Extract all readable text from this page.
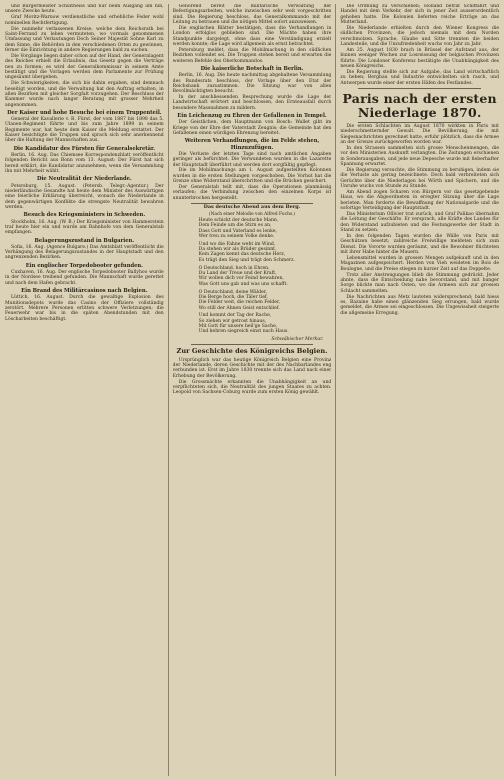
und Bürgermeister Schultheiss und nur beim Ausgang um hin, unsere Zwecke heute.

Graf Moritz-Warnow verdienstliche und erhebliche Feder wohl nominellen Rechtfertigung.

Die nunmehr verlassenen Kreise, welche dem Reichsrath bei Saint-Ferrand zu leben vermuteten, wo vormals genommenen Umfassung und Verlautungen Doch Seiner Majestät Sohne Karl zu dem Sinne, die Behörden in den verschiedenen Orten zu gewinnen, ferner die Einrichtung in andere Regierungen bald zu suchen.

Die Vorgänge liegen daher schon auf der Hand, der Generalagent des Reiches erhielt die Erlaubnis, das Gesetz gegen die Verträge neu zu formen; es wird der Generalkommissar in seinem Amte bestätigt und die Vorlagen werden dem Parlamente zur Prüfung ungesäumt übergeben.

Die Schwierigkeiten, die sich bis dahin ergaben, sind demnach beseitigt worden, und die Verwaltung hat den Auftrag erhalten, in allen Bezirken mit gleicher Sorgfalt vorzugehen. Der Beschluss der Kammer wurde nach langer Beratung mit grosser Mehrheit angenommen.

Der Kaiser und hohe Besuche bei einem Truppenteil.

General der Kavallerie v. B. Fürst, der vom 1887 bis 1898 das 5. Ulanen-Regiment führte und bis zum Jahre 1899 in seinem Regimente war, hat heute dem Kaiser die Meldung erstattet. Der Kaiser besichtigte die Truppen und sprach sich sehr anerkennend über die Haltung der Mannschaften aus.

Die Kandidatur des Fürsten für Generalsekretär.

Berlin, 16. Aug. Das Chiemsee Korrespondenzblatt veröffentlicht folgenden Bericht aus Bonn vom 13. August: Der Fürst hat sich bereit erklärt, die Kandidatur anzunehmen, wenn die Versammlung ihn mit Mehrheit wählt.

Die Neutralität der Niederlande.

Petersburg, 15. August. (Petersb. Telegr.-Agentur.) Der niederländische Gesandte hat heute dem Minister des Auswärtigen eine feierliche Erklärung überreicht, wonach die Niederlande in dem gegenwärtigen Konflikte die strengste Neutralität bewahren werden.

Besuch des Kriegsministers in Schweden.

Stockholm, 16. Aug. (W. B.) Der Kriegsminister von Hammerstein traf heute hier ein und wurde am Bahnhofe von dem Generalstab empfangen.

Belagerungszustand in Bulgarien.

Sofia, 16. Aug. (Agence Bulgare.) Das Amtsblatt veröffentlicht die Verhängung des Belagerungszustandes in der Hauptstadt und den angrenzenden Bezirken.

Ein englischer Torpedobooter gefunden.

Cuxhaven, 16. Aug. Der englische Torpedobooter Ballyhoo wurde in der Nordsee treibend gefunden. Die Mannschaft wurde gerettet und nach dem Hafen gebracht.

Ein Brand des Militärcasinos nach Belgien.

Lüttich, 16. August. Durch die gewaltige Explosion des Munitionsdepots wurde das Casino der Offiziere vollständig zerstört. Mehrere Personen erlitten schwere Verletzungen; die Feuerwehr war bis in die späten Abendstunden mit den Löscharbeiten beschäftigt.

Gehörend bereit die militärische Verwaltung der Befestigungsarbeiten, welche inzwischen sehr weit vorgeschritten sind. Die Regierung beschloss, das Generalkommando mit der Leitung zu betrauen und die nötigen Mittel sofort anzuweisen.

Die englischen Blätter bestätigen, dass die Verhandlungen in London erfolglos geblieben sind. Die Mächte haben ihre Standpunkte dargelegt, ohne dass eine Verständigung erzielt werden konnte; die Lage wird allgemein als ernst betrachtet.

Petersburg meldet, dass die Mobilmachung in den südlichen Bezirken vollendet sei. Die Truppen stehen bereit und erwarten die weiteren Befehle des Oberkommandos.

Die kaiserliche Botschaft in Berlin.

Berlin, 16. Aug. Die heute nachmittag abgehaltene Versammlung des Bundesrats beschloss, der Vorlage über den Etat der Reichsbank zuzustimmen. Die Sitzung war von allen Bevollmächtigten besucht.

In der anschliessenden Besprechung wurde die Lage der Landwirtschaft erörtert und beschlossen, den Ernteausfall durch besondere Massnahmen zu mildern.

Ein Leichenzug zu Ehren der Gefallenen in Tempel.

Der Geistlichen, dem Hauptmann von Bosch: Wallet gibt im Kriege von der Ehre der Vaterstadt Zeugnis; die Gemeinde hat den Gefallenen einen würdigen Ehrenzug bereitet.

Weiteren Verhandlungen, die im Felde stehen, Hinzuzufügen.

Die Verluste der letzten Tage sind nach amtlichen Angaben geringer als befürchtet. Die Verwundeten wurden in die Lazarette der Hauptstadt überführt und werden dort sorgfältig gepflegt.

Die im Mobilmachungs am 1. August aufgestellten Kolonnen wurden in die ersten Stellungen vorgeschoben. Die Vorhut hat die Grenze ohne Widerstand überschritten und die Brücken gesichert.

Der Generalstab teilt mit, dass die Operationen planmässig verlaufen; die Verbindung zwischen den einzelnen Korps ist ununterbrochen hergestellt.

Das deutsche Abend aus dem Berg.
(Nach einer Melodie von Alfred Fuchs.)
Heute schickt der deutsche Mann,
Dem Feinde um die Stirn es an,
Dass Gott und Vaterland es lenke,
Wer treu zu seinem Volke denke.
Und wo die Fahne weht im Wind,
Da stehen wir als Brüder gesinnt,
Kein Zagen kennt das deutsche Herz,
Es trägt den Sieg und trägt den Schmerz.
O Deutschland, hoch in Ehren,
Du Land der Treue und der Kraft,
Wir wollen dich vor Feind bewahren,
Was Gott uns gab und was uns schafft.
O Deutschland, deine Wälder,
Die Berge hoch, die Täler tief,
Die Felder weit, die reichen Felder,
Wo still der Ahnen Geist entschlief.
Und kommt der Tag der Rache,
So ziehen wir getrost hinaus,
Mit Gott für unsere heil'ge Sache,
Und kehren siegreich einst nach Haus.
Schwäbischer Merkur.
Zur Geschichte des Königreichs Belgien.

Ursprünglich war das heutige Königreich Belgien eine Provinz der Niederlande, deren Geschichte mit der des Nachbarlandes eng verbunden ist. Erst im Jahre 1830 trennte sich das Land nach einer Erhebung der Bevölkerung.

Die Grossmächte erkannten die Unabhängigkeit an und verpflichteten sich, die Neutralität des jungen Staates zu achten. Leopold von Sachsen-Coburg wurde zum ersten König gewählt.

Die Ordnung zu verschieben; Holland betrat Schiffahrt und Handel mit dem Verkehr, der sich in jener Zeit ausserordentlich gehoben hatte. Die Kolonien lieferten reiche Erträge an das Mutterland.

Die Niederlande erhielten durch den Wiener Kongress die südlichen Provinzen, die jedoch niemals mit dem Norden verschmolzen. Sprache, Glaube und Sitte trennten die beiden Landesteile, und die Unzufriedenheit wuchs von Jahr zu Jahr.

Am 25. August 1830 brach in Brüssel der Aufstand aus, der binnen weniger Wochen zur Losreissung der belgischen Provinzen führte. Die Londoner Konferenz bestätigte die Unabhängigkeit des neuen Königreichs.

Die Regierung stellte sich zur Aufgabe, das Land wirtschaftlich zu heben; Bergbau und Industrie entwickelten sich rasch, und Antwerpen wurde einer der ersten Häfen des Festlandes.

Paris nach der ersten Niederlage 1870.

Die ersten Schlachten im August 1870 wirkten in Paris mit niederschmetternder Gewalt. Die Bevölkerung, die mit Siegesnachrichten gerechnet hatte, erfuhr plötzlich, dass die Armee an der Grenze zurückgeworfen worden war.

In den Strassen sammelten sich grosse Menschenmengen, die vor den Ministerien Auskunft verlangten. Die Zeitungen erschienen in Sonderausgaben, und jede neue Depesche wurde mit fieberhafter Spannung erwartet.

Die Regierung versuchte, die Stimmung zu beruhigen, indem sie die Verluste als gering bezeichnete. Doch bald verbreiteten sich Gerüchte über die Niederlagen bei Wörth und Spichern, und die Unruhe wuchs von Stunde zu Stunde.

Am Abend zogen Scharen von Bürgern vor das gesetzgebende Haus, wo die Abgeordneten in erregter Sitzung über die Lage berieten. Man forderte die Bewaffnung der Nationalgarde und die sofortige Verteidigung der Hauptstadt.

Das Ministerium Ollivier trat zurück, und Graf Palikao übernahm die Leitung der Geschäfte. Er versprach, alle Kräfte des Landes für den Widerstand aufzubieten und die Festungswerke der Stadt in Stand zu setzen.

In den folgenden Tagen wurden die Wälle von Paris mit Geschützen besetzt; zahlreiche Freiwillige meldeten sich zum Dienst. Die Vororte wurden geräumt, und die Bewohner flüchteten mit ihrer Habe hinter die Mauern.

Lebensmittel wurden in grossen Mengen aufgekauft und in den Magazinen aufgespeichert. Herden von Vieh weideten im Bois de Boulogne, und die Preise stiegen in kurzer Zeit auf das Doppelte.

Trotz aller Anstrengungen blieb die Stimmung gedrückt. Jeder ahnte, dass die Entscheidung nahe bevorstand, und mit banger Sorge blickte man nach Osten, wo die Armeen sich zur grossen Schlacht sammelten.

Die Nachrichten aus Metz lauteten widersprechend; bald hiess es, Bazaine habe einen glänzenden Sieg errungen, bald wurde gemeldet, die Armee sei eingeschlossen. Die Ungewissheit steigerte die allgemeine Erregung.
